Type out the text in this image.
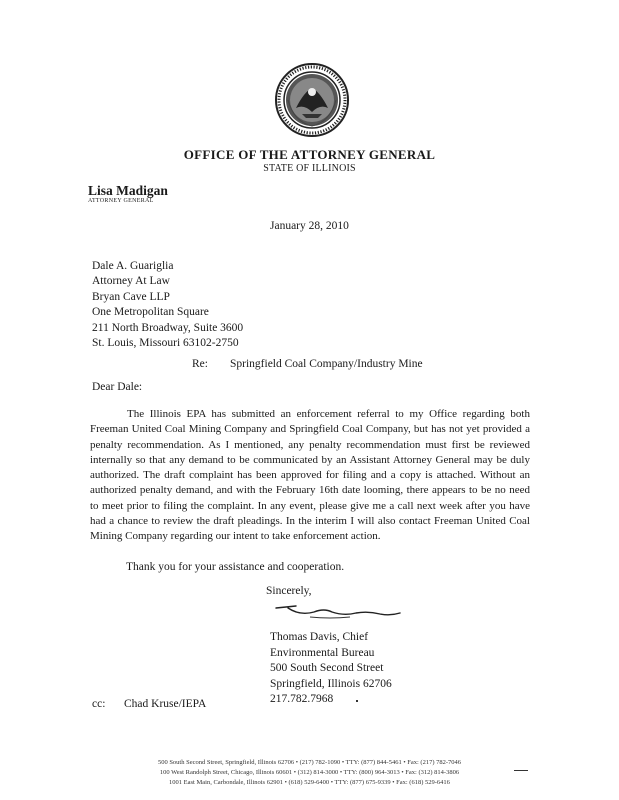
OFFICE OF THE ATTORNEY GENERAL
STATE OF ILLINOIS
Lisa Madigan
ATTORNEY GENERAL
January 28, 2010
Dale A. Guariglia
Attorney At Law
Bryan Cave LLP
One Metropolitan Square
211 North Broadway, Suite 3600
St. Louis, Missouri 63102-2750
Re: Springfield Coal Company/Industry Mine
Dear Dale:

The Illinois EPA has submitted an enforcement referral to my Office regarding both Freeman United Coal Mining Company and Springfield Coal Company, but has not yet provided a penalty recommendation. As I mentioned, any penalty recommendation must first be reviewed internally so that any demand to be communicated by an Assistant Attorney General may be duly authorized. The draft complaint has been approved for filing and a copy is attached. Without an authorized penalty demand, and with the February 16th date looming, there appears to be no need to meet prior to filing the complaint. In any event, please give me a call next week after you have had a chance to review the draft pleadings. In the interim I will also contact Freeman United Coal Mining Company regarding our intent to take enforcement action.

Thank you for your assistance and cooperation.
Sincerely,
Thomas Davis, Chief
Environmental Bureau
500 South Second Street
Springfield, Illinois 62706
217.782.7968
cc: Chad Kruse/IEPA
500 South Second Street, Springfield, Illinois 62706 • (217) 782-1090 • TTY: (877) 844-5461 • Fax: (217) 782-7046
100 West Randolph Street, Chicago, Illinois 60601 • (312) 814-3000 • TTY: (800) 964-3013 • Fax: (312) 814-3806
1001 East Main, Carbondale, Illinois 62901 • (618) 529-6400 • TTY: (877) 675-9339 • Fax: (618) 529-6416
